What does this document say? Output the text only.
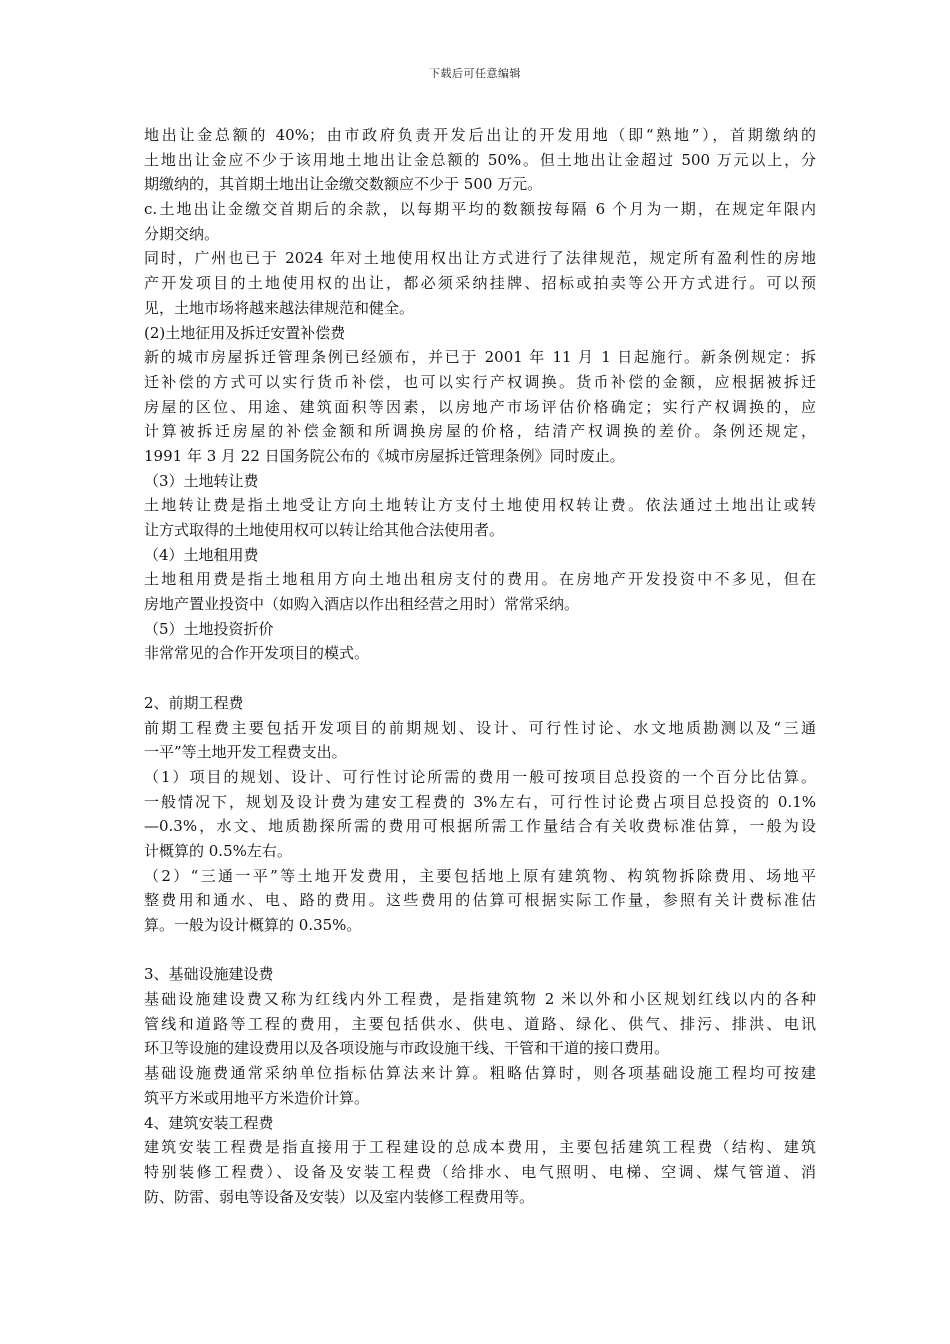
下载后可任意编辑
地出让金总额的 40%；由市政府负责开发后出让的开发用地（即“熟地”），首期缴纳的
土地出让金应不少于该用地土地出让金总额的 50%。但土地出让金超过 500 万元以上，分
期缴纳的，其首期土地出让金缴交数额应不少于 500 万元。
c.土地出让金缴交首期后的余款，以每期平均的数额按每隔 6 个月为一期，在规定年限内
分期交纳。
同时，广州也已于 2024 年对土地使用权出让方式进行了法律规范，规定所有盈利性的房地
产开发项目的土地使用权的出让，都必须采纳挂牌、招标或拍卖等公开方式进行。可以预
见，土地市场将越来越法律规范和健全。
(2)土地征用及拆迁安置补偿费
新的城市房屋拆迁管理条例已经颁布，并已于 2001 年 11 月 1 日起施行。新条例规定：拆
迁补偿的方式可以实行货币补偿，也可以实行产权调换。货币补偿的金额，应根据被拆迁
房屋的区位、用途、建筑面积等因素，以房地产市场评估价格确定；实行产权调换的，应
计算被拆迁房屋的补偿金额和所调换房屋的价格，结清产权调换的差价。条例还规定，
1991 年 3 月 22 日国务院公布的《城市房屋拆迁管理条例》同时废止。
（3）土地转让费
土地转让费是指土地受让方向土地转让方支付土地使用权转让费。依法通过土地出让或转
让方式取得的土地使用权可以转让给其他合法使用者。
（4）土地租用费
土地租用费是指土地租用方向土地出租房支付的费用。在房地产开发投资中不多见，但在
房地产置业投资中（如购入酒店以作出租经营之用时）常常采纳。
（5）土地投资折价
非常常见的合作开发项目的模式。
2、前期工程费
前期工程费主要包括开发项目的前期规划、设计、可行性讨论、水文地质勘测以及“三通
一平”等土地开发工程费支出。
（1）项目的规划、设计、可行性讨论所需的费用一般可按项目总投资的一个百分比估算。
一般情况下，规划及设计费为建安工程费的 3%左右，可行性讨论费占项目总投资的 0.1%
—0.3%，水文、地质勘探所需的费用可根据所需工作量结合有关收费标准估算，一般为设
计概算的 0.5%左右。
（2）“三通一平”等土地开发费用，主要包括地上原有建筑物、构筑物拆除费用、场地平
整费用和通水、电、路的费用。这些费用的估算可根据实际工作量，参照有关计费标准估
算。一般为设计概算的 0.35%。
3、基础设施建设费
基础设施建设费又称为红线内外工程费，是指建筑物 2 米以外和小区规划红线以内的各种
管线和道路等工程的费用，主要包括供水、供电、道路、绿化、供气、排污、排洪、电讯
环卫等设施的建设费用以及各项设施与市政设施干线、干管和干道的接口费用。
基础设施费通常采纳单位指标估算法来计算。粗略估算时，则各项基础设施工程均可按建
筑平方米或用地平方米造价计算。
4、建筑安装工程费
建筑安装工程费是指直接用于工程建设的总成本费用，主要包括建筑工程费（结构、建筑
特别装修工程费）、设备及安装工程费（给排水、电气照明、电梯、空调、煤气管道、消
防、防雷、弱电等设备及安装）以及室内装修工程费用等。
